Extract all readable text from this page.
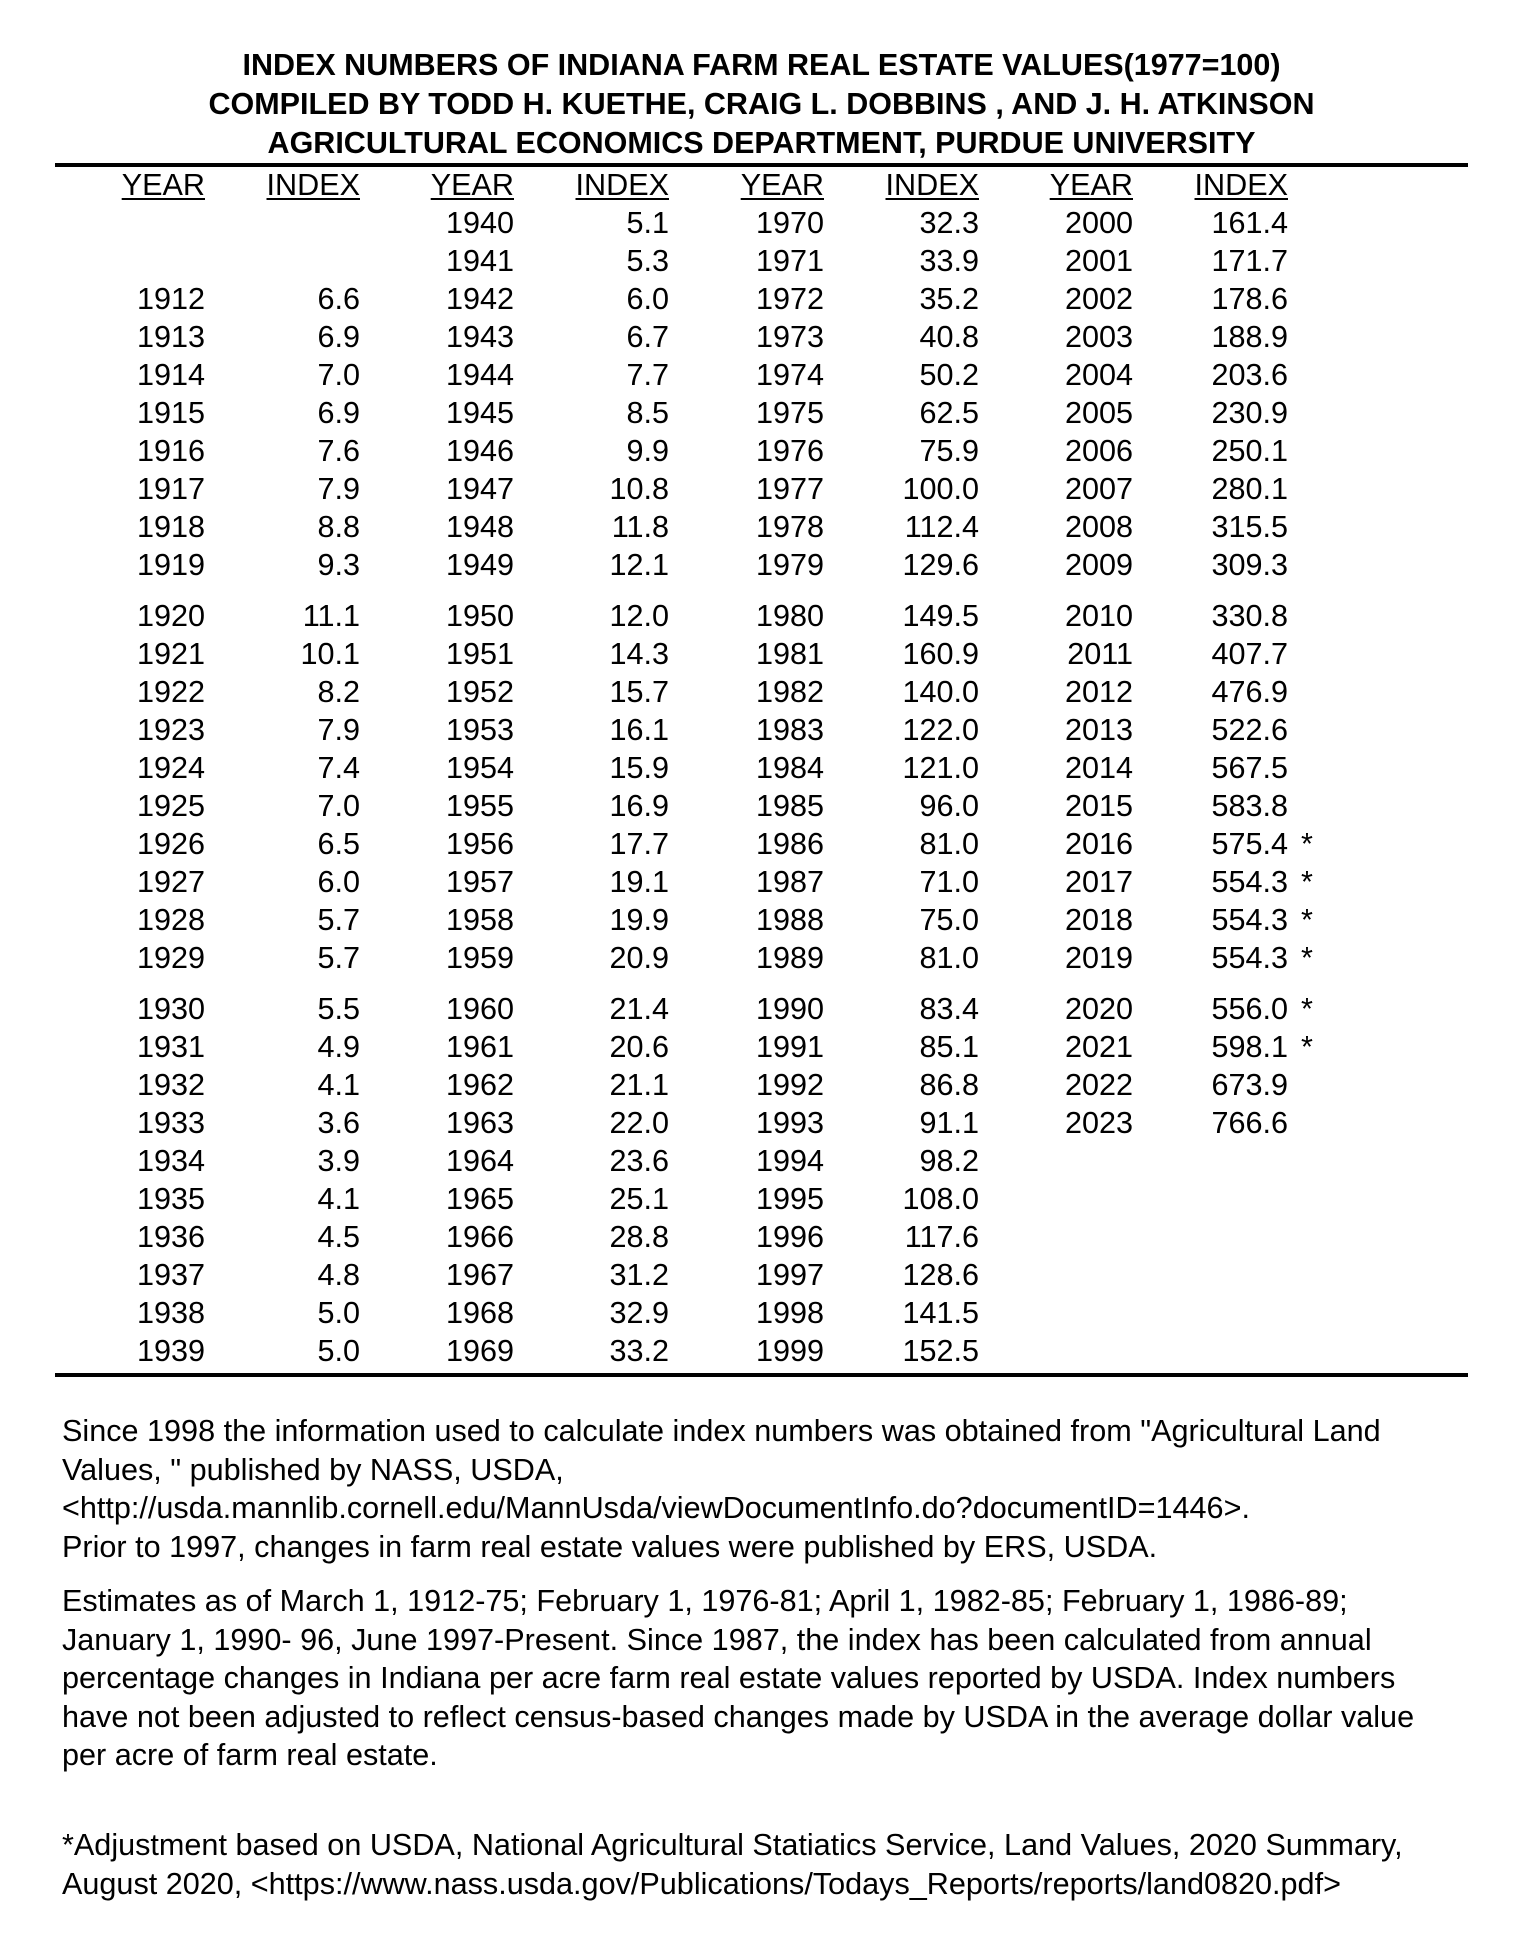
INDEX NUMBERS OF INDIANA FARM REAL ESTATE VALUES(1977=100)
COMPILED BY TODD H. KUETHE, CRAIG L. DOBBINS , AND J. H. ATKINSON
AGRICULTURAL ECONOMICS DEPARTMENT, PURDUE UNIVERSITY
YEAR	INDEX
1912	6.6
1913	6.9
1914	7.0
1915	6.9
1916	7.6
1917	7.9
1918	8.8
1919	9.3
1920	11.1
1921	10.1
1922	8.2
1923	7.9
1924	7.4
1925	7.0
1926	6.5
1927	6.0
1928	5.7
1929	5.7
1930	5.5
1931	4.9
1932	4.1
1933	3.6
1934	3.9
1935	4.1
1936	4.5
1937	4.8
1938	5.0
1939	5.0
YEAR	INDEX
1940	5.1
1941	5.3
1942	6.0
1943	6.7
1944	7.7
1945	8.5
1946	9.9
1947	10.8
1948	11.8
1949	12.1
1950	12.0
1951	14.3
1952	15.7
1953	16.1
1954	15.9
1955	16.9
1956	17.7
1957	19.1
1958	19.9
1959	20.9
1960	21.4
1961	20.6
1962	21.1
1963	22.0
1964	23.6
1965	25.1
1966	28.8
1967	31.2
1968	32.9
1969	33.2
YEAR	INDEX
1970	32.3
1971	33.9
1972	35.2
1973	40.8
1974	50.2
1975	62.5
1976	75.9
1977	100.0
1978	112.4
1979	129.6
1980	149.5
1981	160.9
1982	140.0
1983	122.0
1984	121.0
1985	96.0
1986	81.0
1987	71.0
1988	75.0
1989	81.0
1990	83.4
1991	85.1
1992	86.8
1993	91.1
1994	98.2
1995	108.0
1996	117.6
1997	128.6
1998	141.5
1999	152.5
YEAR	INDEX
2000	161.4
2001	171.7
2002	178.6
2003	188.9
2004	203.6
2005	230.9
2006	250.1
2007	280.1
2008	315.5
2009	309.3
2010	330.8
2011	407.7
2012	476.9
2013	522.6
2014	567.5
2015	583.8
2016	575.4 *
2017	554.3 *
2018	554.3 *
2019	554.3 *
2020	556.0 *
2021	598.1 *
2022	673.9
2023	766.6
Since 1998 the information used to calculate index numbers was obtained from "Agricultural Land
Values, " published by NASS, USDA,
<http://usda.mannlib.cornell.edu/MannUsda/viewDocumentInfo.do?documentID=1446>.
Prior to 1997, changes in farm real estate values were published by ERS, USDA.
Estimates as of March 1, 1912-75; February 1, 1976-81; April 1, 1982-85; February 1, 1986-89;
January 1, 1990- 96, June 1997-Present. Since 1987, the index has been calculated from annual
percentage changes in Indiana per acre farm real estate values reported by USDA. Index numbers
have not been adjusted to reflect census-based changes made by USDA in the average dollar value
per acre of farm real estate.
*Adjustment based on USDA, National Agricultural Statiatics Service, Land Values, 2020 Summary,
August 2020, <https://www.nass.usda.gov/Publications/Todays_Reports/reports/land0820.pdf>
